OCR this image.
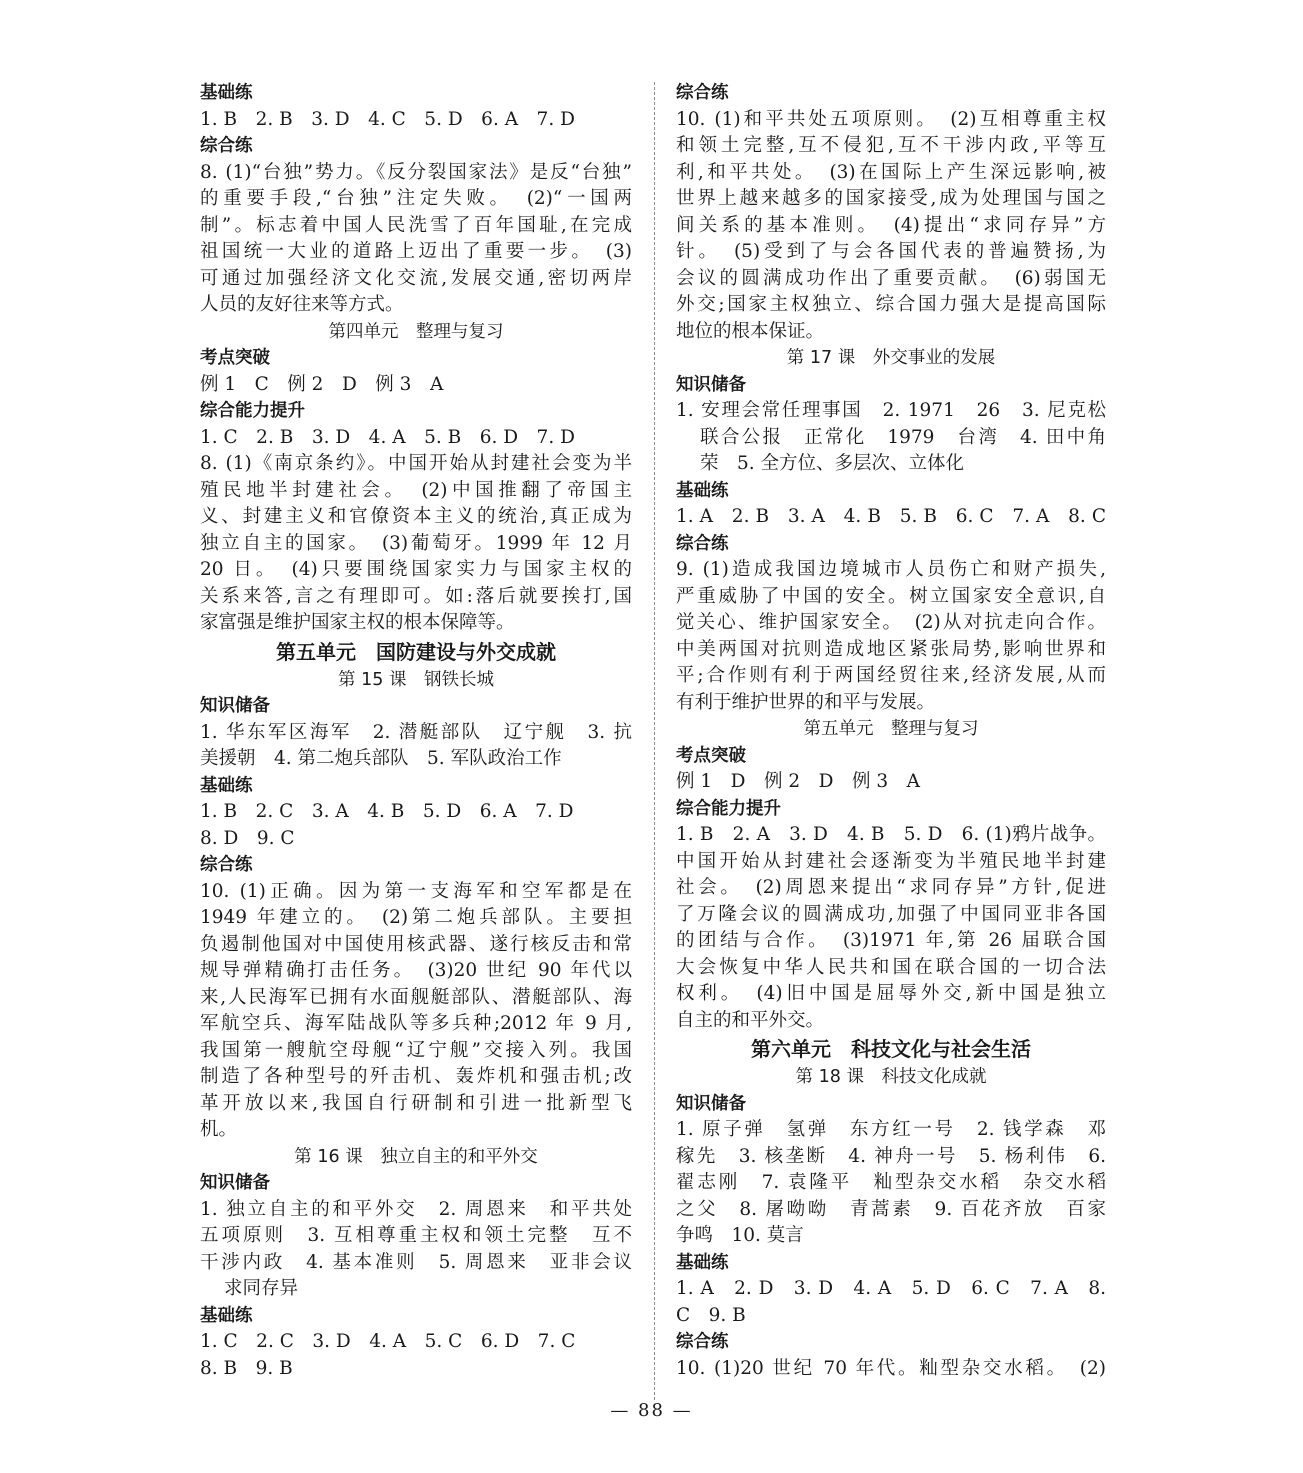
基础练
1. B　2. B　3. D　4. C　5. D　6. A　7. D
综合练
8. (1)“台独”势力。《反分裂国家法》是反“台独”
的重要手段,“台独”注定失败。　(2)“一国两
制”。标志着中国人民洗雪了百年国耻,在完成
祖国统一大业的道路上迈出了重要一步。　(3)
可通过加强经济文化交流,发展交通,密切两岸
人员的友好往来等方式。
第四单元　整理与复习
考点突破
例 1　C　例 2　D　例 3　A
综合能力提升
1. C　2. B　3. D　4. A　5. B　6. D　7. D
8. (1)《南京条约》。中国开始从封建社会变为半
殖民地半封建社会。　(2)中国推翻了帝国主
义、封建主义和官僚资本主义的统治,真正成为
独立自主的国家。　(3)葡萄牙。1999 年 12 月
20 日。　(4)只要围绕国家实力与国家主权的
关系来答,言之有理即可。如:落后就要挨打,国
家富强是维护国家主权的根本保障等。
第五单元　国防建设与外交成就
第 15 课　钢铁长城
知识储备
1. 华东军区海军　2. 潜艇部队　辽宁舰　3. 抗
美援朝　4. 第二炮兵部队　5. 军队政治工作
基础练
1. B　2. C　3. A　4. B　5. D　6. A　7. D
8. D　9. C
综合练
10. (1)正确。因为第一支海军和空军都是在
1949 年建立的。　(2)第二炮兵部队。主要担
负遏制他国对中国使用核武器、遂行核反击和常
规导弹精确打击任务。　(3)20 世纪 90 年代以
来,人民海军已拥有水面舰艇部队、潜艇部队、海
军航空兵、海军陆战队等多兵种;2012 年 9 月,
我国第一艘航空母舰“辽宁舰”交接入列。我国
制造了各种型号的歼击机、轰炸机和强击机;改
革开放以来,我国自行研制和引进一批新型飞
机。
第 16 课　独立自主的和平外交
知识储备
1. 独立自主的和平外交　2. 周恩来　和平共处
五项原则　3. 互相尊重主权和领土完整　互不
干涉内政　4. 基本准则　5. 周恩来　亚非会议
求同存异
基础练
1. C　2. C　3. D　4. A　5. C　6. D　7. C
8. B　9. B
综合练
10. (1)和平共处五项原则。　(2)互相尊重主权
和领土完整,互不侵犯,互不干涉内政,平等互
利,和平共处。　(3)在国际上产生深远影响,被
世界上越来越多的国家接受,成为处理国与国之
间关系的基本准则。　(4)提出“求同存异”方
针。　(5)受到了与会各国代表的普遍赞扬,为
会议的圆满成功作出了重要贡献。　(6)弱国无
外交;国家主权独立、综合国力强大是提高国际
地位的根本保证。
第 17 课　外交事业的发展
知识储备
1. 安理会常任理事国　2. 1971　26　3. 尼克松
联合公报　正常化　1979　台湾　4. 田中角
荣　5. 全方位、多层次、立体化
基础练
1. A　2. B　3. A　4. B　5. B　6. C　7. A　8. C
综合练
9. (1)造成我国边境城市人员伤亡和财产损失,
严重威胁了中国的安全。树立国家安全意识,自
觉关心、维护国家安全。　(2)从对抗走向合作。
中美两国对抗则造成地区紧张局势,影响世界和
平;合作则有利于两国经贸往来,经济发展,从而
有利于维护世界的和平与发展。
第五单元　整理与复习
考点突破
例 1　D　例 2　D　例 3　A
综合能力提升
1. B　2. A　3. D　4. B　5. D　6. (1)鸦片战争。
中国开始从封建社会逐渐变为半殖民地半封建
社会。　(2)周恩来提出“求同存异”方针,促进
了万隆会议的圆满成功,加强了中国同亚非各国
的团结与合作。　(3)1971 年,第 26 届联合国
大会恢复中华人民共和国在联合国的一切合法
权利。　(4)旧中国是屈辱外交,新中国是独立
自主的和平外交。
第六单元　科技文化与社会生活
第 18 课　科技文化成就
知识储备
1. 原子弹　氢弹　东方红一号　2. 钱学森　邓
稼先　3. 核垄断　4. 神舟一号　5. 杨利伟　6.
翟志刚　7. 袁隆平　籼型杂交水稻　杂交水稻
之父　8. 屠呦呦　青蒿素　9. 百花齐放　百家
争鸣　10. 莫言
基础练
1. A　2. D　3. D　4. A　5. D　6. C　7. A　8.
C　9. B
综合练
10. (1)20 世纪 70 年代。籼型杂交水稻。　(2)
— 88 —
